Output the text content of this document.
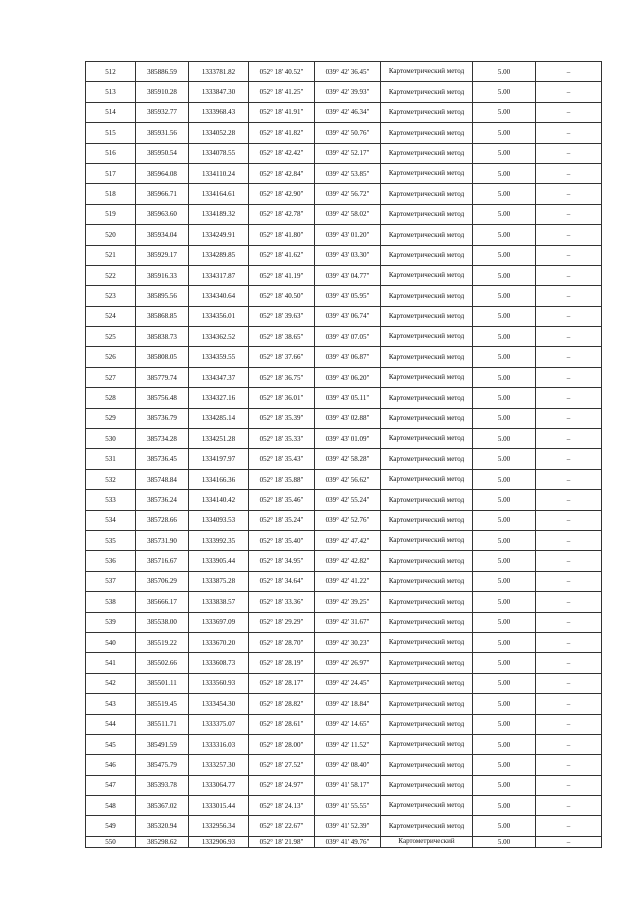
512	385886.59	1333781.82	052° 18' 40.52"	039° 42' 36.45"	Картометрический метод	5.00	–
513	385910.28	1333847.30	052° 18' 41.25"	039° 42' 39.93"	Картометрический метод	5.00	–
514	385932.77	1333968.43	052° 18' 41.91"	039° 42' 46.34"	Картометрический метод	5.00	–
515	385931.56	1334052.28	052° 18' 41.82"	039° 42' 50.76"	Картометрический метод	5.00	–
516	385950.54	1334078.55	052° 18' 42.42"	039° 42' 52.17"	Картометрический метод	5.00	–
517	385964.08	1334110.24	052° 18' 42.84"	039° 42' 53.85"	Картометрический метод	5.00	–
518	385966.71	1334164.61	052° 18' 42.90"	039° 42' 56.72"	Картометрический метод	5.00	–
519	385963.60	1334189.32	052° 18' 42.78"	039° 42' 58.02"	Картометрический метод	5.00	–
520	385934.04	1334249.91	052° 18' 41.80"	039° 43' 01.20"	Картометрический метод	5.00	–
521	385929.17	1334289.85	052° 18' 41.62"	039° 43' 03.30"	Картометрический метод	5.00	–
522	385916.33	1334317.87	052° 18' 41.19"	039° 43' 04.77"	Картометрический метод	5.00	–
523	385895.56	1334340.64	052° 18' 40.50"	039° 43' 05.95"	Картометрический метод	5.00	–
524	385868.85	1334356.01	052° 18' 39.63"	039° 43' 06.74"	Картометрический метод	5.00	–
525	385838.73	1334362.52	052° 18' 38.65"	039° 43' 07.05"	Картометрический метод	5.00	–
526	385808.05	1334359.55	052° 18' 37.66"	039° 43' 06.87"	Картометрический метод	5.00	–
527	385779.74	1334347.37	052° 18' 36.75"	039° 43' 06.20"	Картометрический метод	5.00	–
528	385756.48	1334327.16	052° 18' 36.01"	039° 43' 05.11"	Картометрический метод	5.00	–
529	385736.79	1334285.14	052° 18' 35.39"	039° 43' 02.88"	Картометрический метод	5.00	–
530	385734.28	1334251.28	052° 18' 35.33"	039° 43' 01.09"	Картометрический метод	5.00	–
531	385736.45	1334197.97	052° 18' 35.43"	039° 42' 58.28"	Картометрический метод	5.00	–
532	385748.84	1334166.36	052° 18' 35.88"	039° 42' 56.62"	Картометрический метод	5.00	–
533	385736.24	1334140.42	052° 18' 35.46"	039° 42' 55.24"	Картометрический метод	5.00	–
534	385728.66	1334093.53	052° 18' 35.24"	039° 42' 52.76"	Картометрический метод	5.00	–
535	385731.90	1333992.35	052° 18' 35.40"	039° 42' 47.42"	Картометрический метод	5.00	–
536	385716.67	1333905.44	052° 18' 34.95"	039° 42' 42.82"	Картометрический метод	5.00	–
537	385706.29	1333875.28	052° 18' 34.64"	039° 42' 41.22"	Картометрический метод	5.00	–
538	385666.17	1333838.57	052° 18' 33.36"	039° 42' 39.25"	Картометрический метод	5.00	–
539	385538.00	1333697.09	052° 18' 29.29"	039° 42' 31.67"	Картометрический метод	5.00	–
540	385519.22	1333670.20	052° 18' 28.70"	039° 42' 30.23"	Картометрический метод	5.00	–
541	385502.66	1333608.73	052° 18' 28.19"	039° 42' 26.97"	Картометрический метод	5.00	–
542	385501.11	1333560.93	052° 18' 28.17"	039° 42' 24.45"	Картометрический метод	5.00	–
543	385519.45	1333454.30	052° 18' 28.82"	039° 42' 18.84"	Картометрический метод	5.00	–
544	385511.71	1333375.07	052° 18' 28.61"	039° 42' 14.65"	Картометрический метод	5.00	–
545	385491.59	1333316.03	052° 18' 28.00"	039° 42' 11.52"	Картометрический метод	5.00	–
546	385475.79	1333257.30	052° 18' 27.52"	039° 42' 08.40"	Картометрический метод	5.00	–
547	385393.78	1333064.77	052° 18' 24.97"	039° 41' 58.17"	Картометрический метод	5.00	–
548	385367.02	1333015.44	052° 18' 24.13"	039° 41' 55.55"	Картометрический метод	5.00	–
549	385320.94	1332956.34	052° 18' 22.67"	039° 41' 52.39"	Картометрический метод	5.00	–
550	385298.62	1332906.93	052° 18' 21.98"	039° 41' 49.76"	Картометрический	5.00	–
